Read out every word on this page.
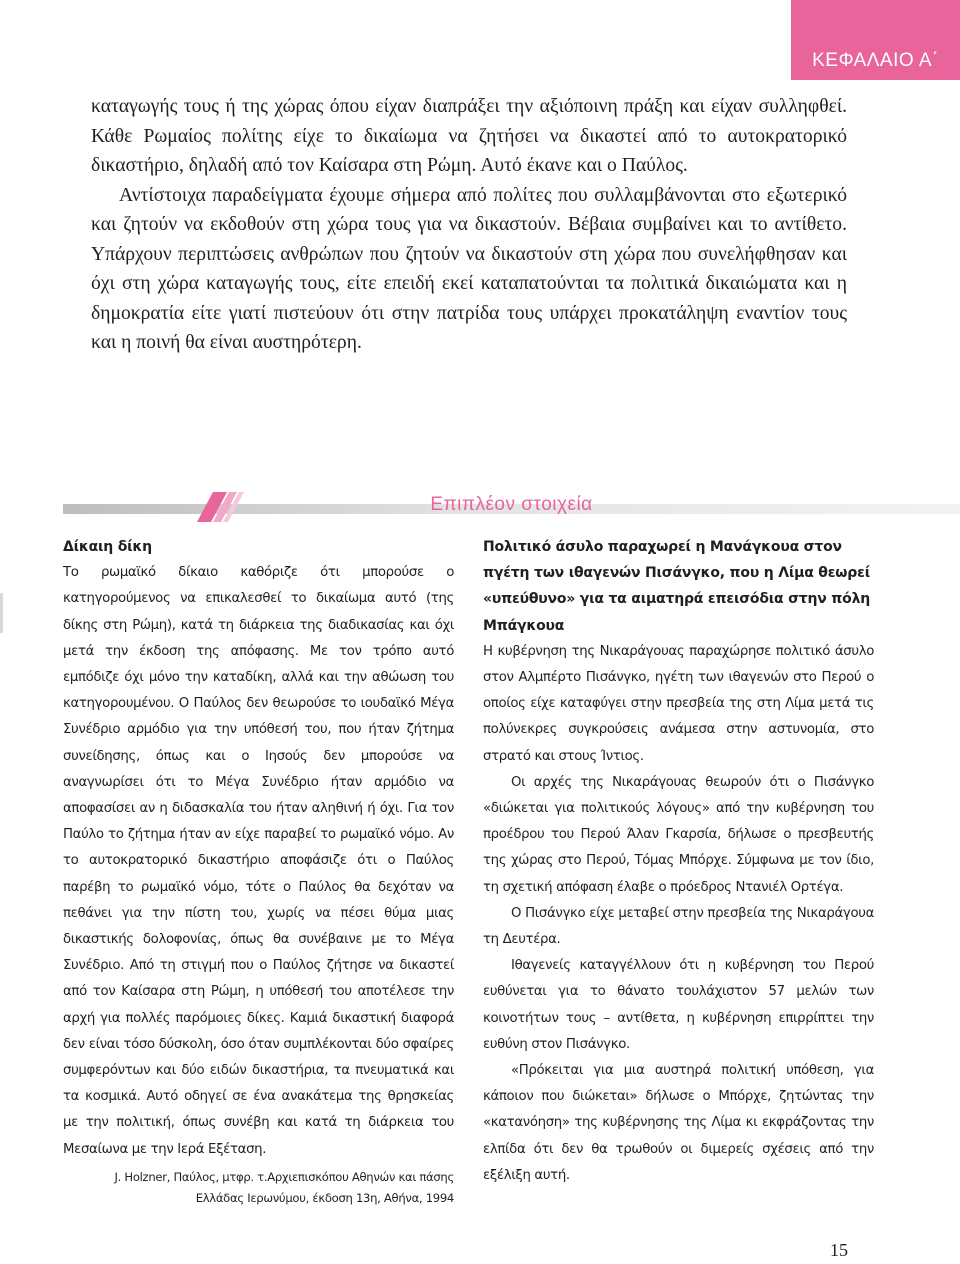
ΚΕΦΑΛΑΙΟ Α΄

καταγωγής τους ή της χώρας όπου είχαν διαπράξει την αξιόποινη πράξη και είχαν συλληφθεί. Κάθε Ρωμαίος πολίτης είχε το δικαίωμα να ζητήσει να δικαστεί από το αυτοκρατορικό δικαστήριο, δηλαδή από τον Καίσαρα στη Ρώμη. Αυτό έκανε και ο Παύλος.

Αντίστοιχα παραδείγματα έχουμε σήμερα από πολίτες που συλλαμβάνονται στο εξωτερικό και ζητούν να εκδοθούν στη χώρα τους για να δικαστούν. Βέβαια συμβαίνει και το αντίθετο. Υπάρχουν περιπτώσεις ανθρώπων που ζητούν να δικαστούν στη χώρα που συνελήφθησαν και όχι στη χώρα καταγωγής τους, είτε επειδή εκεί καταπατούνται τα πολιτικά δικαιώματα και η δημοκρατία είτε γιατί πιστεύουν ότι στην πατρίδα τους υπάρχει προκατάληψη εναντίον τους και η ποινή θα είναι αυστηρότερη.

Επιπλέον στοιχεία
Δίκαιη δίκη

Το ρωμαϊκό δίκαιο καθόριζε ότι μπορούσε ο κατηγορούμενος να επικαλεσθεί το δικαίωμα αυτό (της δίκης στη Ρώμη), κατά τη διάρκεια της διαδικασίας και όχι μετά την έκδοση της απόφασης. Με τον τρόπο αυτό εμπόδιζε όχι μόνο την καταδίκη, αλλά και την αθώωση του κατηγορουμένου. Ο Παύλος δεν θεωρούσε το ιουδαϊκό Μέγα Συνέδριο αρμόδιο για την υπόθεσή του, που ήταν ζήτημα συνείδησης, όπως και ο Ιησούς δεν μπορούσε να αναγνωρίσει ότι το Μέγα Συνέδριο ήταν αρμόδιο να αποφασίσει αν η διδασκαλία του ήταν αληθινή ή όχι. Για τον Παύλο το ζήτημα ήταν αν είχε παραβεί το ρωμαϊκό νόμο. Αν το αυτοκρατορικό δικαστήριο αποφάσιζε ότι ο Παύλος παρέβη το ρωμαϊκό νόμο, τότε ο Παύλος θα δεχόταν να πεθάνει για την πίστη του, χωρίς να πέσει θύμα μιας δικαστικής δολοφονίας, όπως θα συνέβαινε με το Μέγα Συνέδριο. Από τη στιγμή που ο Παύλος ζήτησε να δικαστεί από τον Καίσαρα στη Ρώμη, η υπόθεσή του αποτέλεσε την αρχή για πολλές παρόμοιες δίκες. Καμιά δικαστική διαφορά δεν είναι τόσο δύσκολη, όσο όταν συμπλέκονται δύο σφαίρες συμφερόντων και δύο ειδών δικαστήρια, τα πνευματικά και τα κοσμικά. Αυτό οδηγεί σε ένα ανακάτεμα της θρησκείας με την πολιτική, όπως συνέβη και κατά τη διάρκεια του Μεσαίωνα με την Ιερά Εξέταση.

J. Holzner, Παύλος, μτφρ. τ.Αρχιεπισκόπου Αθηνών και πάσης
Ελλάδας Ιερωνύμου, έκδοση 13η, Αθήνα, 1994
Πολιτικό άσυλο παραχωρεί η Μανάγκουα στον πγέτη των ιθαγενών Πισάνγκο, που η Λίμα θεωρεί «υπεύθυνο» για τα αιματηρά επεισόδια στην πόλη Μπάγκουα

Η κυβέρνηση της Νικαράγουας παραχώρησε πολιτικό άσυλο στον Αλμπέρτο Πισάνγκο, ηγέτη των ιθαγενών στο Περού ο οποίος είχε καταφύγει στην πρεσβεία της στη Λίμα μετά τις πολύνεκρες συγκρούσεις ανάμεσα στην αστυνομία, στο στρατό και στους Ίντιος.

Οι αρχές της Νικαράγουας θεωρούν ότι ο Πισάνγκο «διώκεται για πολιτικούς λόγους» από την κυβέρνηση του προέδρου του Περού Άλαν Γκαρσία, δήλωσε ο πρεσβευτής της χώρας στο Περού, Τόμας Μπόρχε. Σύμφωνα με τον ίδιο, τη σχετική απόφαση έλαβε ο πρόεδρος Ντανιέλ Ορτέγα.

Ο Πισάνγκο είχε μεταβεί στην πρεσβεία της Νικαράγουα τη Δευτέρα.

Ιθαγενείς καταγγέλλουν ότι η κυβέρνηση του Περού ευθύνεται για το θάνατο τουλάχιστον 57 μελών των κοινοτήτων τους – αντίθετα, η κυβέρνηση επιρρίπτει την ευθύνη στον Πισάνγκο.

«Πρόκειται για μια αυστηρά πολιτική υπόθεση, για κάποιον που διώκεται» δήλωσε ο Μπόρχε, ζητώντας την «κατανόηση» της κυβέρνησης της Λίμα κι εκφράζοντας την ελπίδα ότι δεν θα τρωθούν οι διμερείς σχέσεις από την εξέλιξη αυτή.

15
